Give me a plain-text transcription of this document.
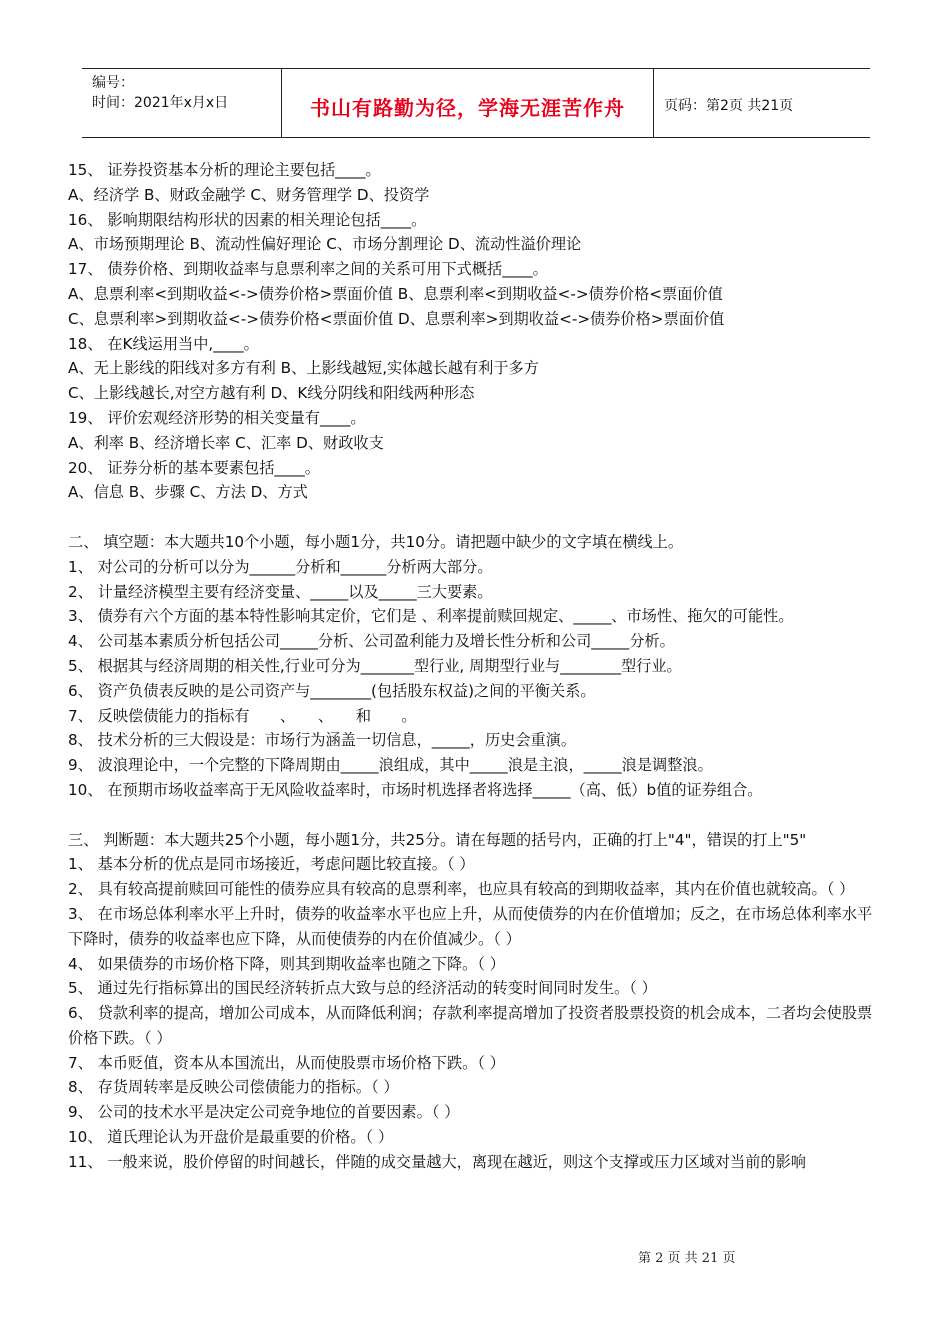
编号：
时间：2021年x月x日	书山有路勤为径，学海无涯苦作舟	页码：第2页 共21页

15、 证券投资基本分析的理论主要包括____。

A、经济学 B、财政金融学 C、财务管理学 D、投资学

16、 影响期限结构形状的因素的相关理论包括____。

A、市场预期理论 B、流动性偏好理论 C、市场分割理论 D、流动性溢价理论

17、 债券价格、到期收益率与息票利率之间的关系可用下式概括____。

A、息票利率<到期收益<->债券价格>票面价值 B、息票利率<到期收益<->债券价格<票面价值

C、息票利率>到期收益<->债券价格<票面价值 D、息票利率>到期收益<->债券价格>票面价值

18、 在K线运用当中,____。

A、无上影线的阳线对多方有利 B、上影线越短,实体越长越有利于多方

C、上影线越长,对空方越有利 D、K线分阴线和阳线两种形态

19、 评价宏观经济形势的相关变量有____。

A、利率 B、经济增长率 C、汇率 D、财政收支

20、 证券分析的基本要素包括____。

A、信息 B、步骤 C、方法 D、方式

二、 填空题：本大题共10个小题，每小题1分，共10分。请把题中缺少的文字填在横线上。

1、 对公司的分析可以分为______分析和______分析两大部分。

2、 计量经济模型主要有经济变量、_____以及_____三大要素。

3、 债券有六个方面的基本特性影响其定价，它们是 、利率提前赎回规定、_____、市场性、拖欠的可能性。

4、 公司基本素质分析包括公司_____分析、公司盈利能力及增长性分析和公司_____分析。

5、 根据其与经济周期的相关性,行业可分为_______型行业, 周期型行业与________型行业。

6、 资产负债表反映的是公司资产与________(包括股东权益)之间的平衡关系。

7、 反映偿债能力的指标有　　、　　、　　和　　。

8、 技术分析的三大假设是：市场行为涵盖一切信息，_____，历史会重演。

9、 波浪理论中，一个完整的下降周期由_____浪组成，其中_____浪是主浪，_____浪是调整浪。

10、 在预期市场收益率高于无风险收益率时，市场时机选择者将选择_____（高、低）b值的证券组合。

三、 判断题：本大题共25个小题，每小题1分，共25分。请在每题的括号内，正确的打上"4"，错误的打上"5"

1、 基本分析的优点是同市场接近，考虑问题比较直接。（ ）

2、 具有较高提前赎回可能性的债券应具有较高的息票利率，也应具有较高的到期收益率，其内在价值也就较高。（ ）

3、 在市场总体利率水平上升时，债券的收益率水平也应上升，从而使债券的内在价值增加；反之，在市场总体利率水平下降时，债券的收益率也应下降，从而使债券的内在价值减少。（ ）

4、 如果债券的市场价格下降，则其到期收益率也随之下降。（ ）

5、 通过先行指标算出的国民经济转折点大致与总的经济活动的转变时间同时发生。（ ）

6、 贷款利率的提高，增加公司成本，从而降低利润；存款利率提高增加了投资者股票投资的机会成本，二者均会使股票价格下跌。（ ）

7、 本币贬值，资本从本国流出，从而使股票市场价格下跌。（ ）

8、 存货周转率是反映公司偿债能力的指标。（ ）

9、 公司的技术水平是决定公司竞争地位的首要因素。（ ）

10、 道氏理论认为开盘价是最重要的价格。（ ）

11、 一般来说，股价停留的时间越长，伴随的成交量越大，离现在越近，则这个支撑或压力区域对当前的影响

第 2 页 共 21 页
